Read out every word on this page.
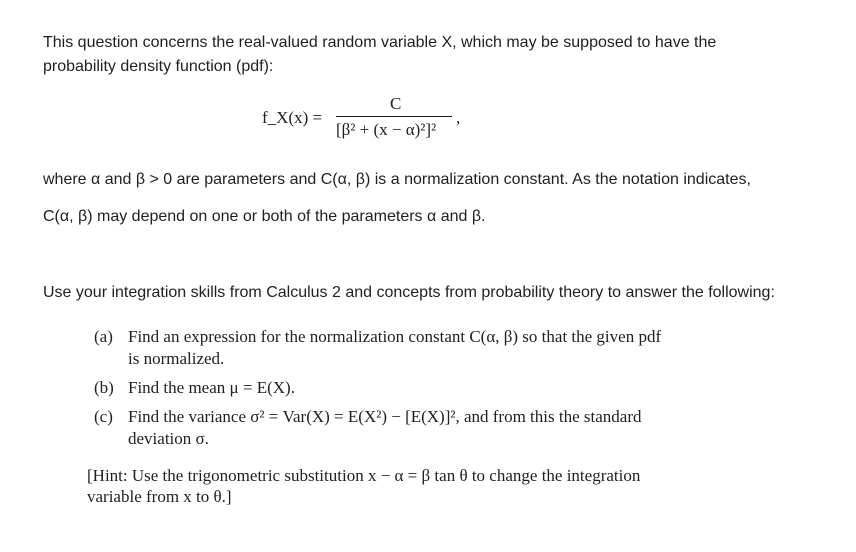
This question concerns the real-valued random variable X, which may be supposed to have the
probability density function (pdf):
f_X(x) =
C
[β² + (x − α)²]²
,
where α and β > 0 are parameters and C(α, β) is a normalization constant. As the notation indicates,
C(α, β) may depend on one or both of the parameters α and β.
Use your integration skills from Calculus 2 and concepts from probability theory to answer the following:
(a) Find an expression for the normalization constant C(α, β) so that the given pdf
is normalized.
(b) Find the mean μ = E(X).
(c) Find the variance σ² = Var(X) = E(X²) − [E(X)]², and from this the standard
deviation σ.
[Hint: Use the trigonometric substitution x − α = β tan θ to change the integration
variable from x to θ.]
